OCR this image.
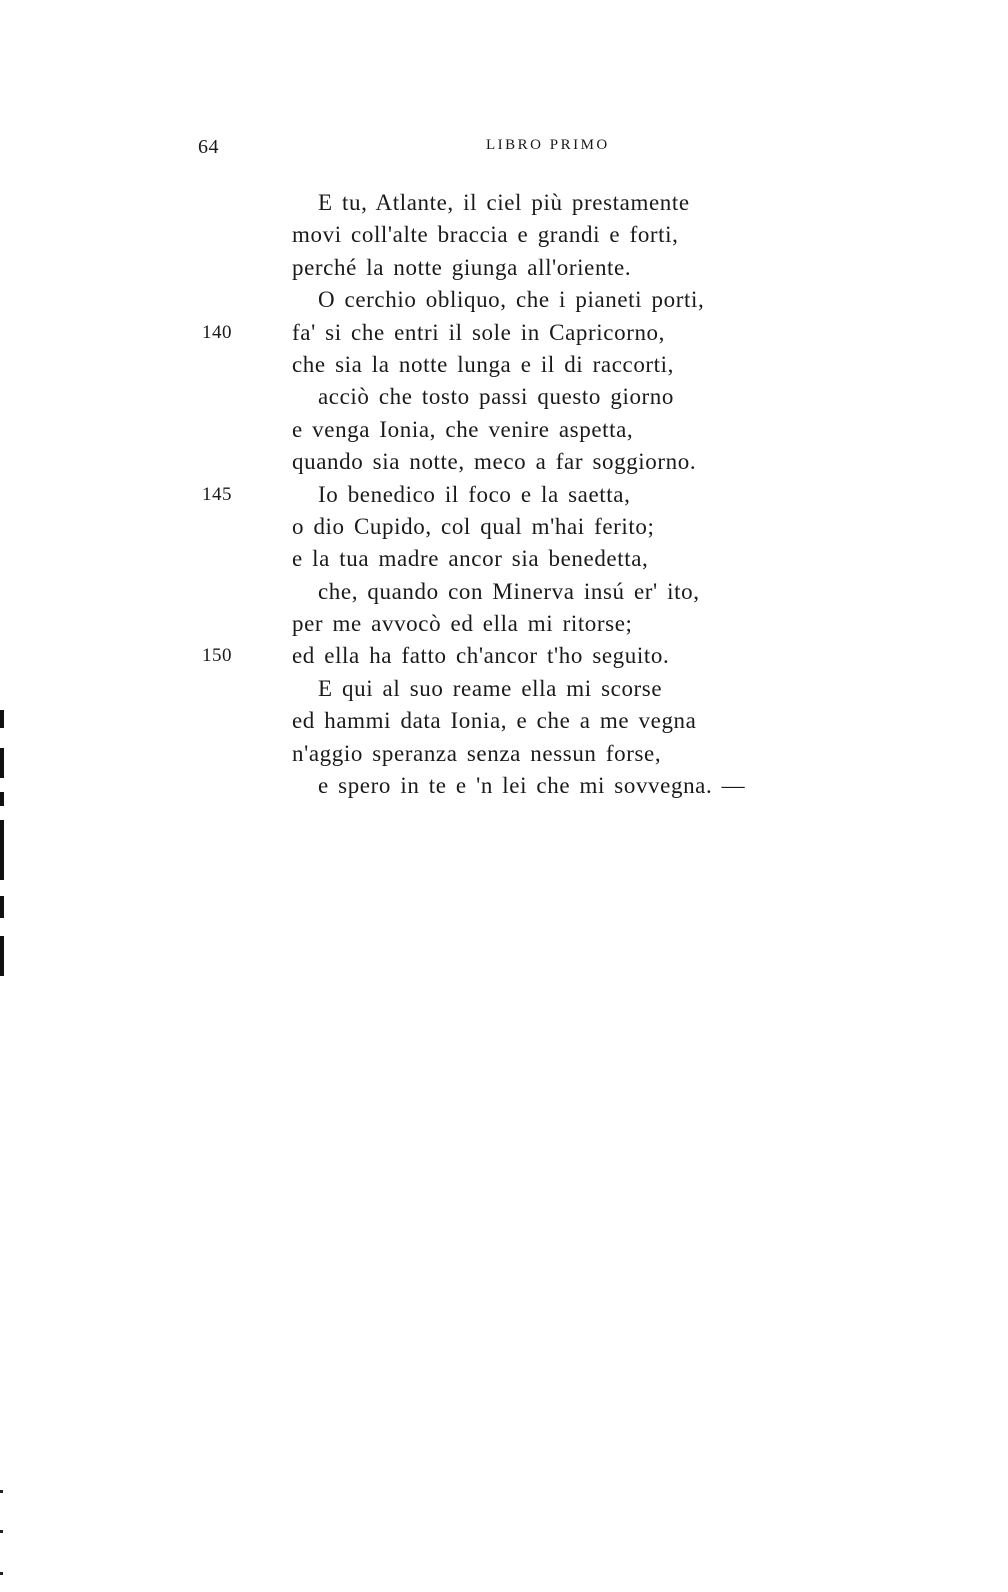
64	LIBRO PRIMO
E tu, Atlante, il ciel più prestamente
movi coll'alte braccia e grandi e forti,
perché la notte giunga all'oriente.
O cerchio obliquo, che i pianeti porti,
140	fa' si che entri il sole in Capricorno,
che sia la notte lunga e il di raccorti,
acciò che tosto passi questo giorno
e venga Ionia, che venire aspetta,
quando sia notte, meco a far soggiorno.
145	Io benedico il foco e la saetta,
o dio Cupido, col qual m'hai ferito;
e la tua madre ancor sia benedetta,
che, quando con Minerva insú er' ito,
per me avvocò ed ella mi ritorse;
150	ed ella ha fatto ch'ancor t'ho seguito.
E qui al suo reame ella mi scorse
ed hammi data Ionia, e che a me vegna
n'aggio speranza senza nessun forse,
e spero in te e 'n lei che mi sovvegna. —
